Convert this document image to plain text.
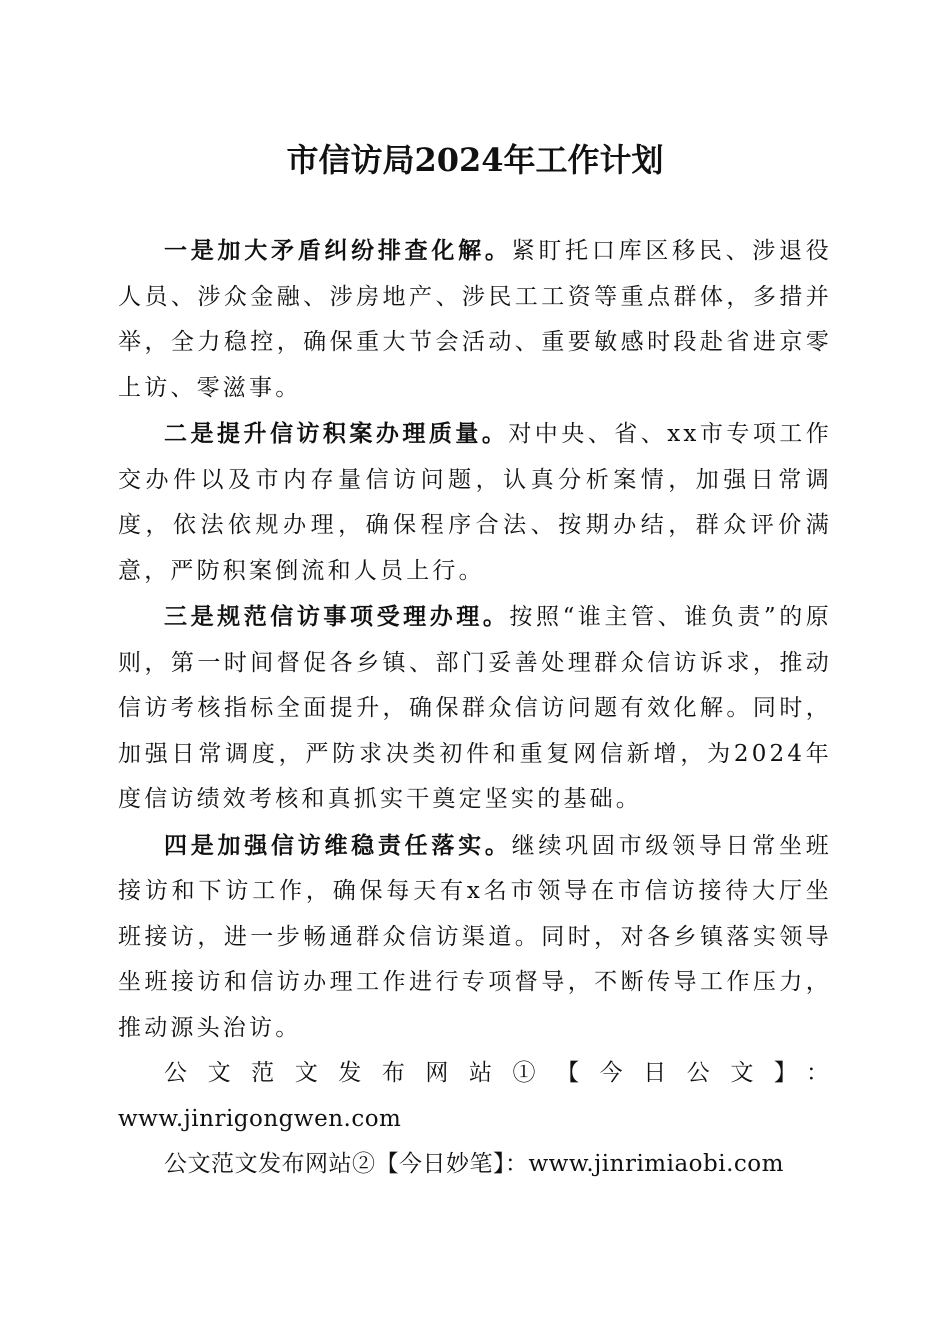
市信访局2024年工作计划

一是加大矛盾纠纷排查化解。紧盯托口库区移民、涉退役人员、涉众金融、涉房地产、涉民工工资等重点群体，多措并举，全力稳控，确保重大节会活动、重要敏感时段赴省进京零上访、零滋事。

二是提升信访积案办理质量。对中央、省、xx市专项工作交办件以及市内存量信访问题，认真分析案情，加强日常调度，依法依规办理，确保程序合法、按期办结，群众评价满意，严防积案倒流和人员上行。

三是规范信访事项受理办理。按照“谁主管、谁负责”的原则，第一时间督促各乡镇、部门妥善处理群众信访诉求，推动信访考核指标全面提升，确保群众信访问题有效化解。同时，加强日常调度，严防求决类初件和重复网信新增，为2024年度信访绩效考核和真抓实干奠定坚实的基础。

四是加强信访维稳责任落实。继续巩固市级领导日常坐班接访和下访工作，确保每天有x名市领导在市信访接待大厅坐班接访，进一步畅通群众信访渠道。同时，对各乡镇落实领导坐班接访和信访办理工作进行专项督导，不断传导工作压力，推动源头治访。

公文范文发布网站①【今日公文】：

www.jinrigongwen.com

公文范文发布网站②【今日妙笔】：www.jinrimiaobi.com
